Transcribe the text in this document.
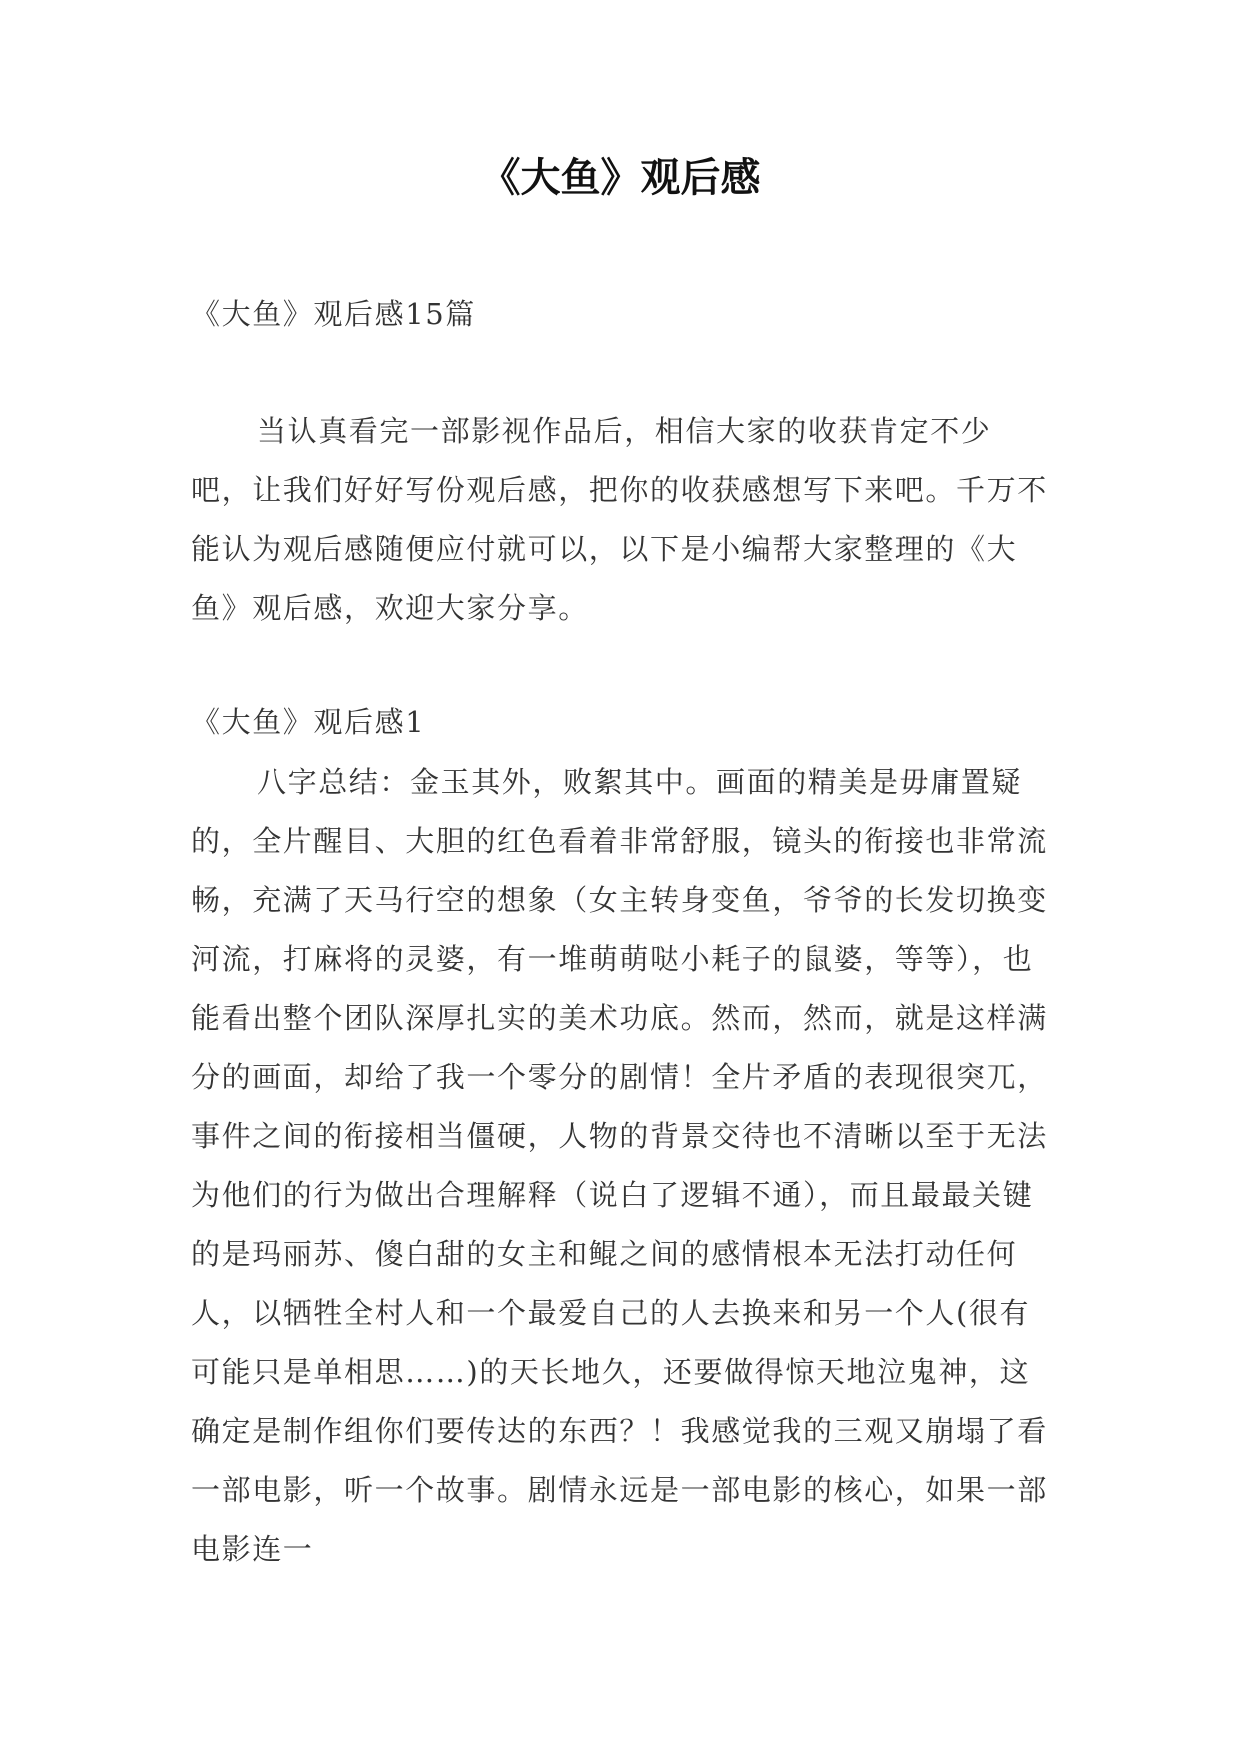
《大鱼》观后感

《大鱼》观后感15篇

当认真看完一部影视作品后，相信大家的收获肯定不少吧，让我们好好写份观后感，把你的收获感想写下来吧。千万不能认为观后感随便应付就可以，以下是小编帮大家整理的《大鱼》观后感，欢迎大家分享。

《大鱼》观后感1

八字总结：金玉其外，败絮其中。画面的精美是毋庸置疑的，全片醒目、大胆的红色看着非常舒服，镜头的衔接也非常流畅，充满了天马行空的想象（女主转身变鱼，爷爷的长发切换变河流，打麻将的灵婆，有一堆萌萌哒小耗子的鼠婆，等等），也能看出整个团队深厚扎实的美术功底。然而，然而，就是这样满分的画面，却给了我一个零分的剧情！全片矛盾的表现很突兀，事件之间的衔接相当僵硬，人物的背景交待也不清晰以至于无法为他们的行为做出合理解释（说白了逻辑不通），而且最最关键的是玛丽苏、傻白甜的女主和鲲之间的感情根本无法打动任何人，以牺牲全村人和一个最爱自己的人去换来和另一个人(很有可能只是单相思……)的天长地久，还要做得惊天地泣鬼神，这确定是制作组你们要传达的东西？！我感觉我的三观又崩塌了看一部电影，听一个故事。剧情永远是一部电影的核心，如果一部电影连一
